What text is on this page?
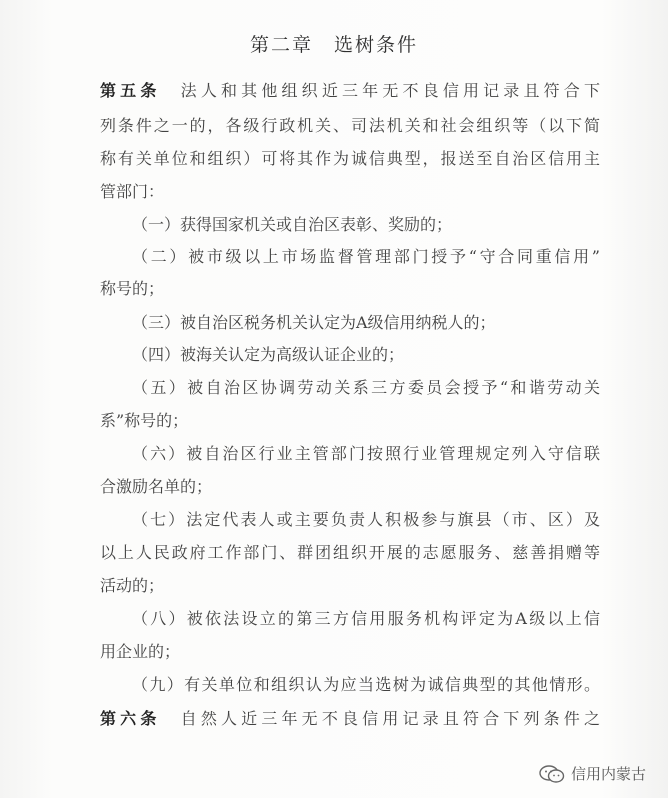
第二章　选树条件
第五条　法人和其他组织近三年无不良信用记录且符合下
列条件之一的，各级行政机关、司法机关和社会组织等（以下简
称有关单位和组织）可将其作为诚信典型，报送至自治区信用主
管部门：
（一）获得国家机关或自治区表彰、奖励的；
（二）被市级以上市场监督管理部门授予“守合同重信用”
称号的；
（三）被自治区税务机关认定为A级信用纳税人的；
（四）被海关认定为高级认证企业的；
（五）被自治区协调劳动关系三方委员会授予“和谐劳动关
系”称号的；
（六）被自治区行业主管部门按照行业管理规定列入守信联
合激励名单的；
（七）法定代表人或主要负责人积极参与旗县（市、区）及
以上人民政府工作部门、群团组织开展的志愿服务、慈善捐赠等
活动的；
（八）被依法设立的第三方信用服务机构评定为A级以上信
用企业的；
（九）有关单位和组织认为应当选树为诚信典型的其他情形。
第六条　自然人近三年无不良信用记录且符合下列条件之
信用内蒙古
